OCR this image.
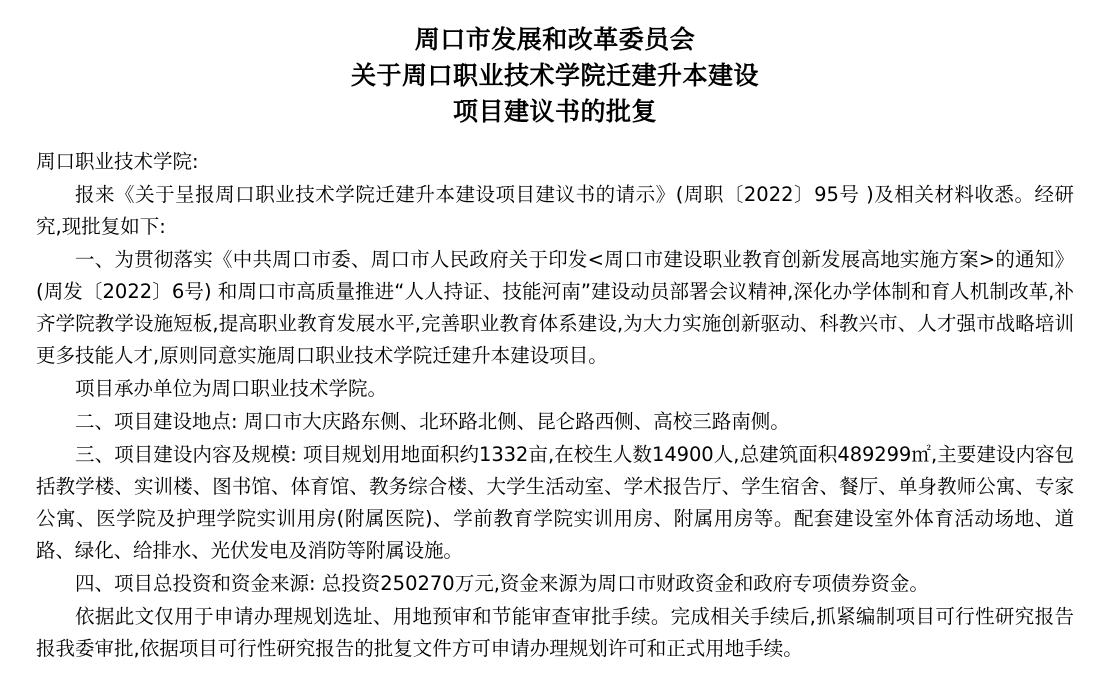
周口市发展和改革委员会
关于周口职业技术学院迁建升本建设
项目建议书的批复

周口职业技术学院:

报来《关于呈报周口职业技术学院迁建升本建设项目建议书的请示》(周职〔2022〕95号 )及相关材料收悉。经研究,现批复如下:

一、为贯彻落实《中共周口市委、周口市人民政府关于印发<周口市建设职业教育创新发展高地实施方案>的通知》(周发〔2022〕6号) 和周口市高质量推进“人人持证、技能河南”建设动员部署会议精神,深化办学体制和育人机制改革,补齐学院教学设施短板,提高职业教育发展水平,完善职业教育体系建设,为大力实施创新驱动、科教兴市、人才强市战略培训更多技能人才,原则同意实施周口职业技术学院迁建升本建设项目。

项目承办单位为周口职业技术学院。

二、项目建设地点: 周口市大庆路东侧、北环路北侧、昆仑路西侧、高校三路南侧。

三、项目建设内容及规模: 项目规划用地面积约1332亩,在校生人数14900人,总建筑面积489299㎡,主要建设内容包括教学楼、实训楼、图书馆、体育馆、教务综合楼、大学生活动室、学术报告厅、学生宿舍、餐厅、单身教师公寓、专家公寓、医学院及护理学院实训用房(附属医院)、学前教育学院实训用房、附属用房等。配套建设室外体育活动场地、道路、绿化、给排水、光伏发电及消防等附属设施。

四、项目总投资和资金来源: 总投资250270万元,资金来源为周口市财政资金和政府专项债券资金。

依据此文仅用于申请办理规划选址、用地预审和节能审查审批手续。完成相关手续后,抓紧编制项目可行性研究报告报我委审批,依据项目可行性研究报告的批复文件方可申请办理规划许可和正式用地手续。
